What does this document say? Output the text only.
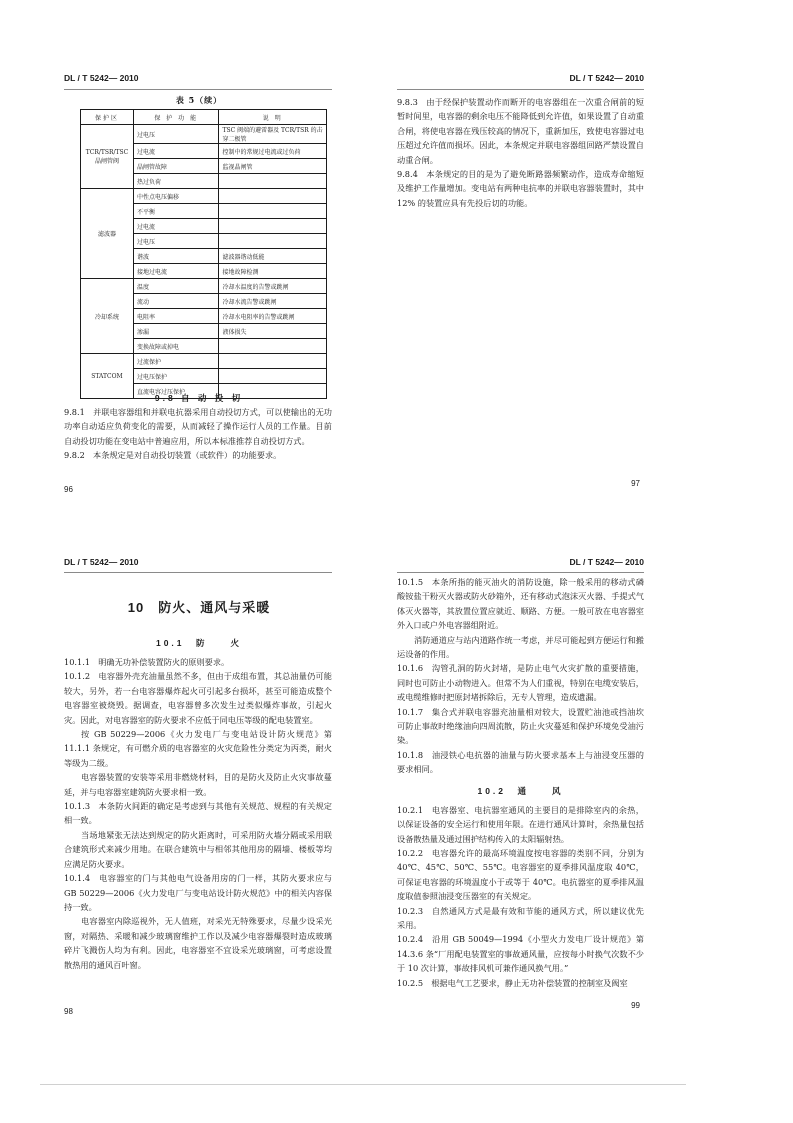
DL / T 5242— 2010
表 5（续）
保护区	保 护 功 能	说 明
TCR/TSR/TSC 晶闸管阀	过电压	TSC 阀端的避雷器及 TCR/TSR 的击穿二极管
	过电流	控制中的常规过电流或过负荷
	晶闸管故障	监视晶闸管
	热过负荷	
滤波器	中性点电压偏移	
	不平衡	
	过电流	
	过电压	
	谐波	滤波器谐动低能
	接地过电流	接地故障检测
冷却系统	温度	冷却水温度的告警或跳闸
	流动	冷却水流告警或跳闸
	电阻率	冷却水电阻率的告警或跳闸
	渗漏	液体损失
	变换故障或掉电	
STATCOM	过流保护	
	过电压保护	
	直流电容过压保护	
9.8 自 动 投 切

9.8.1　并联电容器组和并联电抗器采用自动投切方式，可以使输出的无功功率自动适应负荷变化的需要，从而减轻了操作运行人员的工作量。目前自动投切功能在变电站中普遍应用，所以本标准推荐自动投切方式。

9.8.2　本条规定是对自动投切装置（或软件）的功能要求。

96
DL / T 5242— 2010

9.8.3　由于经保护装置动作而断开的电容器组在一次重合闸前的短暂时间里，电容器的剩余电压不能降低到允许值，如果设置了自动重合闸，将使电容器在残压较高的情况下，重新加压，致使电容器过电压超过允许值而损坏。因此，本条规定并联电容器组回路严禁设置自动重合闸。

9.8.4　本条规定的目的是为了避免断路器频繁动作，造成寿命缩短及维护工作量增加。变电站有两种电抗率的并联电容器装置时，其中 12% 的装置应具有先投后切的功能。

97
DL / T 5242— 2010
10　防火、通风与采暖
10.1　防　　火

10.1.1　明确无功补偿装置防火的原则要求。

10.1.2　电容器外壳充油量虽然不多，但由于成组布置，其总油量仍可能较大，另外，若一台电容器爆炸起火可引起多台损坏，甚至可能造成整个电容器室被烧毁。据调查，电容器曾多次发生过类似爆炸事故，引起火灾。因此，对电容器室的防火要求不应低于同电压等级的配电装置室。

按 GB 50229—2006《火力发电厂与变电站设计防火规范》第 11.1.1 条规定，有可燃介质的电容器室的火灾危险性分类定为丙类，耐火等级为二级。

电容器装置的安装等采用非燃烧材料，目的是防火及防止火灾事故蔓延，并与电容器室建筑防火要求相一致。

10.1.3　本条防火间距的确定是考虑到与其他有关规范、规程的有关规定相一致。

当场地紧张无法达到规定的防火距离时，可采用防火墙分隔或采用联合建筑形式来减少用地。在联合建筑中与相邻其他用房的隔墙、楼板等均应满足防火要求。

10.1.4　电容器室的门与其他电气设备用房的门一样，其防火要求应与 GB 50229—2006《火力发电厂与变电站设计防火规范》中的相关内容保持一致。

电容器室内除巡视外，无人值班，对采光无特殊要求，尽量少设采光窗，对隔热、采暖和减少玻璃窗维护工作以及减少电容器爆裂时造成玻璃碎片飞溅伤人均为有利。因此，电容器室不宜设采光玻璃窗，可考虑设置散热用的通风百叶窗。

98
DL / T 5242— 2010

10.1.5　本条所指的能灭油火的消防设施，除一般采用的移动式磷酸铵盐干粉灭火器或防火砂箱外，还有移动式泡沫灭火器、手提式气体灭火器等，其放置位置应就近、顺路、方便。一般可放在电容器室外入口或户外电容器组附近。

消防通道应与站内道路作统一考虑，并尽可能起到方便运行和搬运设备的作用。

10.1.6　沟管孔洞的防火封堵，是防止电气火灾扩散的重要措施，同时也可防止小动物进入。但常不为人们重视，特别在电缆安装后，或电缆维修时把原封堵拆除后，无专人管理，造成遗漏。

10.1.7　集合式并联电容器充油量相对较大，设置贮油池或挡油坎可防止事故时绝缘油向四周流散，防止火灾蔓延和保护环境免受油污染。

10.1.8　油浸铁心电抗器的油量与防火要求基本上与油浸变压器的要求相同。

10.2　通　　风

10.2.1　电容器室、电抗器室通风的主要目的是排除室内的余热，以保证设备的安全运行和使用年限。在进行通风计算时，余热量包括设备散热量及通过围护结构传入的太阳辐射热。

10.2.2　电容器允许的最高环境温度按电容器的类别不同，分别为 40℃、45℃、50℃、55℃。电容器室的夏季排风温度取 40℃，可保证电容器的环境温度小于或等于 40℃。电抗器室的夏季排风温度取值参照油浸变压器室的有关规定。

10.2.3　自然通风方式是最有效和节能的通风方式，所以建议优先采用。

10.2.4　沿用 GB 50049—1994《小型火力发电厂设计规范》第 14.3.6 条“厂用配电装置室的事故通风量，应按每小时换气次数不少于 10 次计算，事故排风机可兼作通风换气用。”

10.2.5　根据电气工艺要求，静止无功补偿装置的控制室及阀室

99
